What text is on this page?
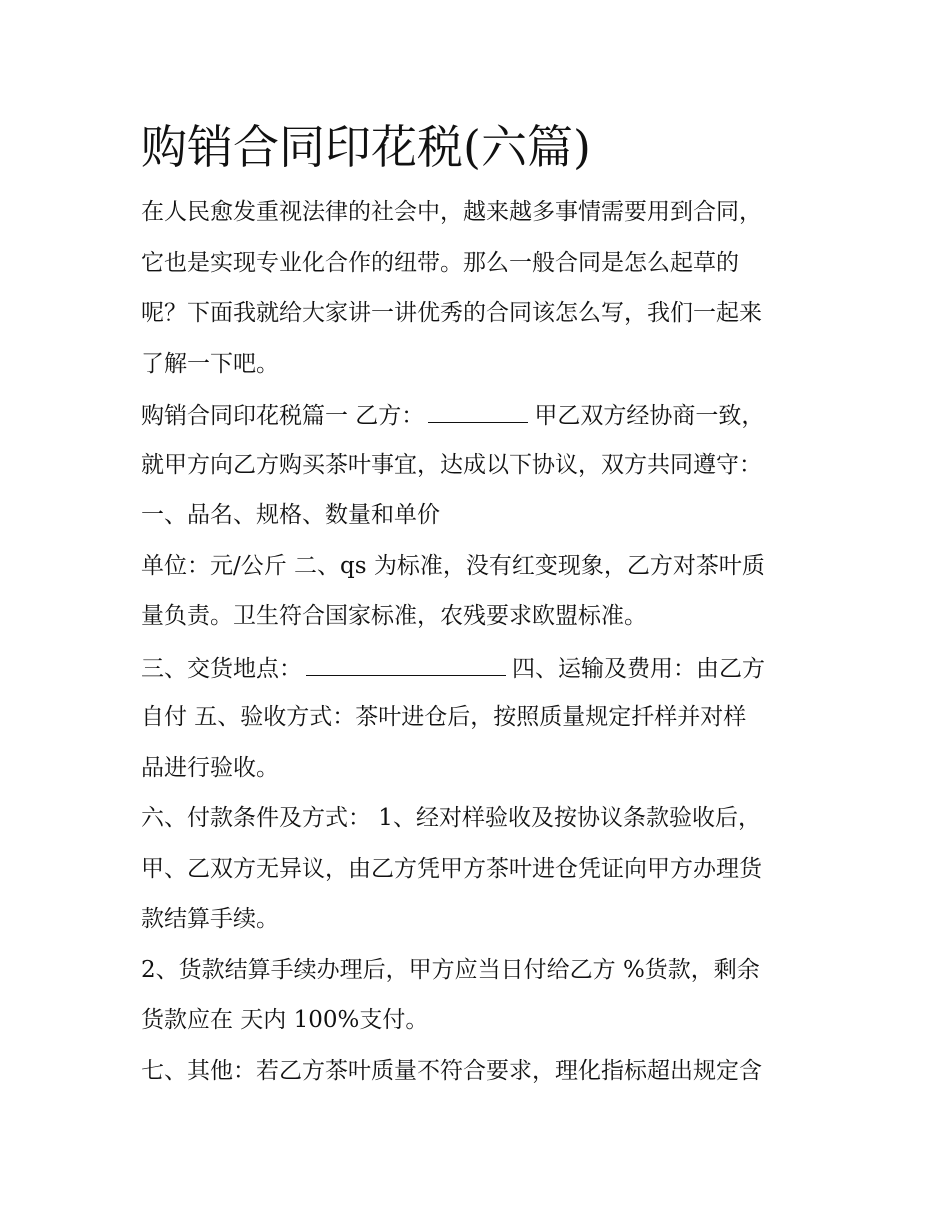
购销合同印花税(六篇)
在人民愈发重视法律的社会中，越来越多事情需要用到合同，
它也是实现专业化合作的纽带。那么一般合同是怎么起草的
呢？下面我就给大家讲一讲优秀的合同该怎么写，我们一起来
了解一下吧。
购销合同印花税篇一 乙方：	甲乙双方经协商一致，
就甲方向乙方购买茶叶事宜，达成以下协议，双方共同遵守：
一、品名、规格、数量和单价
单位：元/公斤 二、qs 为标准，没有红变现象，乙方对茶叶质
量负责。卫生符合国家标准，农残要求欧盟标准。
三、交货地点：	四、运输及费用：由乙方
自付 五、验收方式：茶叶进仓后，按照质量规定扦样并对样
品进行验收。
六、付款条件及方式： 1、经对样验收及按协议条款验收后，
甲、乙双方无异议，由乙方凭甲方茶叶进仓凭证向甲方办理货
款结算手续。
2、货款结算手续办理后，甲方应当日付给乙方 %货款，剩余
货款应在 天内 100%支付。
七、其他：若乙方茶叶质量不符合要求，理化指标超出规定含
